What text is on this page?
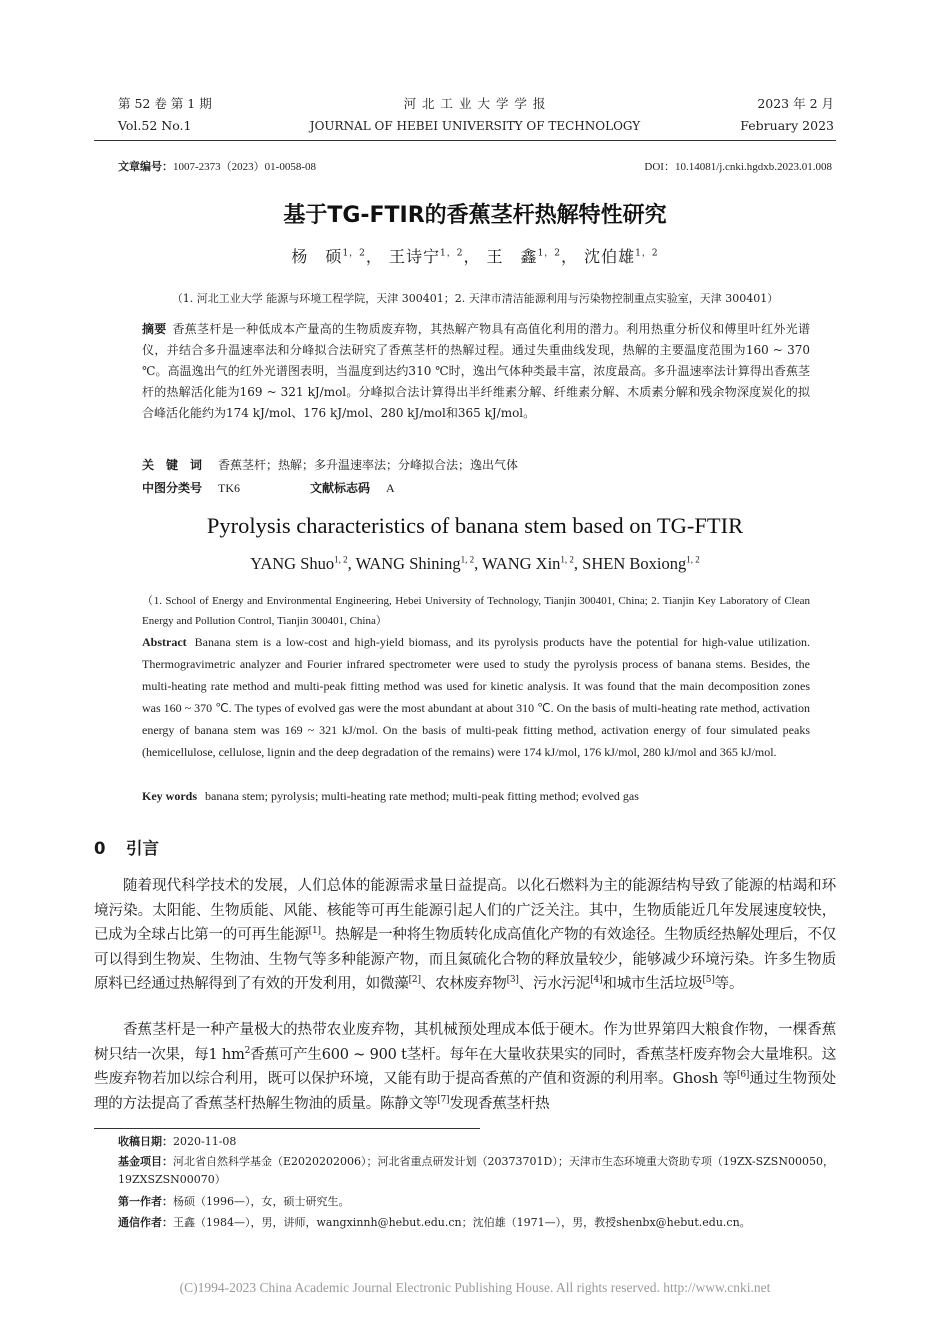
第 52 卷 第 1 期
Vol.52 No.1
河 北 工 业 大 学 学 报
JOURNAL OF HEBEI UNIVERSITY OF TECHNOLOGY
2023 年 2 月
February 2023
文章编号：1007-2373（2023）01-0058-08	DOI：10.14081/j.cnki.hgdxb.2023.01.008
基于TG-FTIR的香蕉茎杆热解特性研究
杨　硕$^{1,2}$， 王诗宁$^{1,2}$， 王　鑫$^{1,2}$， 沈伯雄$^{1,2}$
（1. 河北工业大学 能源与环境工程学院，天津 300401；2. 天津市清洁能源利用与污染物控制重点实验室，天津 300401）
摘要 香蕉茎杆是一种低成本产量高的生物质废弃物，其热解产物具有高值化利用的潜力。利用热重分析仪和傅里叶红外光谱仪，并结合多升温速率法和分峰拟合法研究了香蕉茎杆的热解过程。通过失重曲线发现，热解的主要温度范围为160 ~ 370 ℃。高温逸出气的红外光谱图表明，当温度到达约310 ℃时，逸出气体种类最丰富，浓度最高。多升温速率法计算得出香蕉茎杆的热解活化能为169 ~ 321 kJ/mol。分峰拟合法计算得出半纤维素分解、纤维素分解、木质素分解和残余物深度炭化的拟合峰活化能约为174 kJ/mol、176 kJ/mol、280 kJ/mol和365 kJ/mol。
关　键　词 香蕉茎杆；热解；多升温速率法；分峰拟合法；逸出气体
中图分类号 TK6	文献标志码 A
Pyrolysis characteristics of banana stem based on TG-FTIR
YANG Shuo$^{1, 2}$, WANG Shining$^{1, 2}$, WANG Xin$^{1, 2}$, SHEN Boxiong$^{1, 2}$
（1. School of Energy and Environmental Engineering, Hebei University of Technology, Tianjin 300401, China; 2. Tianjin Key Laboratory of Clean Energy and Pollution Control, Tianjin 300401, China）
Abstract Banana stem is a low-cost and high-yield biomass, and its pyrolysis products have the potential for high-value utilization. Thermogravimetric analyzer and Fourier infrared spectrometer were used to study the pyrolysis process of banana stems. Besides, the multi-heating rate method and multi-peak fitting method was used for kinetic analysis. It was found that the main decomposition zones was 160 ~ 370 ℃. The types of evolved gas were the most abundant at about 310 ℃. On the basis of multi-heating rate method, activation energy of banana stem was 169 ~ 321 kJ/mol. On the basis of multi-peak fitting method, activation energy of four simulated peaks (hemicellulose, cellulose, lignin and the deep degradation of the remains) were 174 kJ/mol, 176 kJ/mol, 280 kJ/mol and 365 kJ/mol.
Key words banana stem; pyrolysis; multi-heating rate method; multi-peak fitting method; evolved gas
0 引言
随着现代科学技术的发展，人们总体的能源需求量日益提高。以化石燃料为主的能源结构导致了能源的枯竭和环境污染。太阳能、生物质能、风能、核能等可再生能源引起人们的广泛关注。其中，生物质能近几年发展速度较快，已成为全球占比第一的可再生能源[1]。热解是一种将生物质转化成高值化产物的有效途径。生物质经热解处理后，不仅可以得到生物炭、生物油、生物气等多种能源产物，而且氮硫化合物的释放量较少，能够减少环境污染。许多生物质原料已经通过热解得到了有效的开发利用，如微藻[2]、农林废弃物[3]、污水污泥[4]和城市生活垃圾[5]等。
香蕉茎杆是一种产量极大的热带农业废弃物，其机械预处理成本低于硬木。作为世界第四大粮食作物，一棵香蕉树只结一次果，每1 $hm^2$香蕉可产生600 ~ 900 t茎杆。每年在大量收获果实的同时，香蕉茎杆废弃物会大量堆积。这些废弃物若加以综合利用，既可以保护环境，又能有助于提高香蕉的产值和资源的利用率。Ghosh 等[6]通过生物预处理的方法提高了香蕉茎杆热解生物油的质量。陈静文等[7]发现香蕉茎杆热
收稿日期：2020-11-08
基金项目：河北省自然科学基金（E2020202006）；河北省重点研发计划（20373701D）；天津市生态环境重大资助专项（19ZX-SZSN00050，19ZXSZSN00070）
第一作者：杨硕（1996—），女，硕士研究生。
通信作者：王鑫（1984—），男，讲师，wangxinnh@hebut.edu.cn；沈伯雄（1971—），男，教授shenbx@hebut.edu.cn。
(C)1994-2023 China Academic Journal Electronic Publishing House. All rights reserved. http://www.cnki.net
